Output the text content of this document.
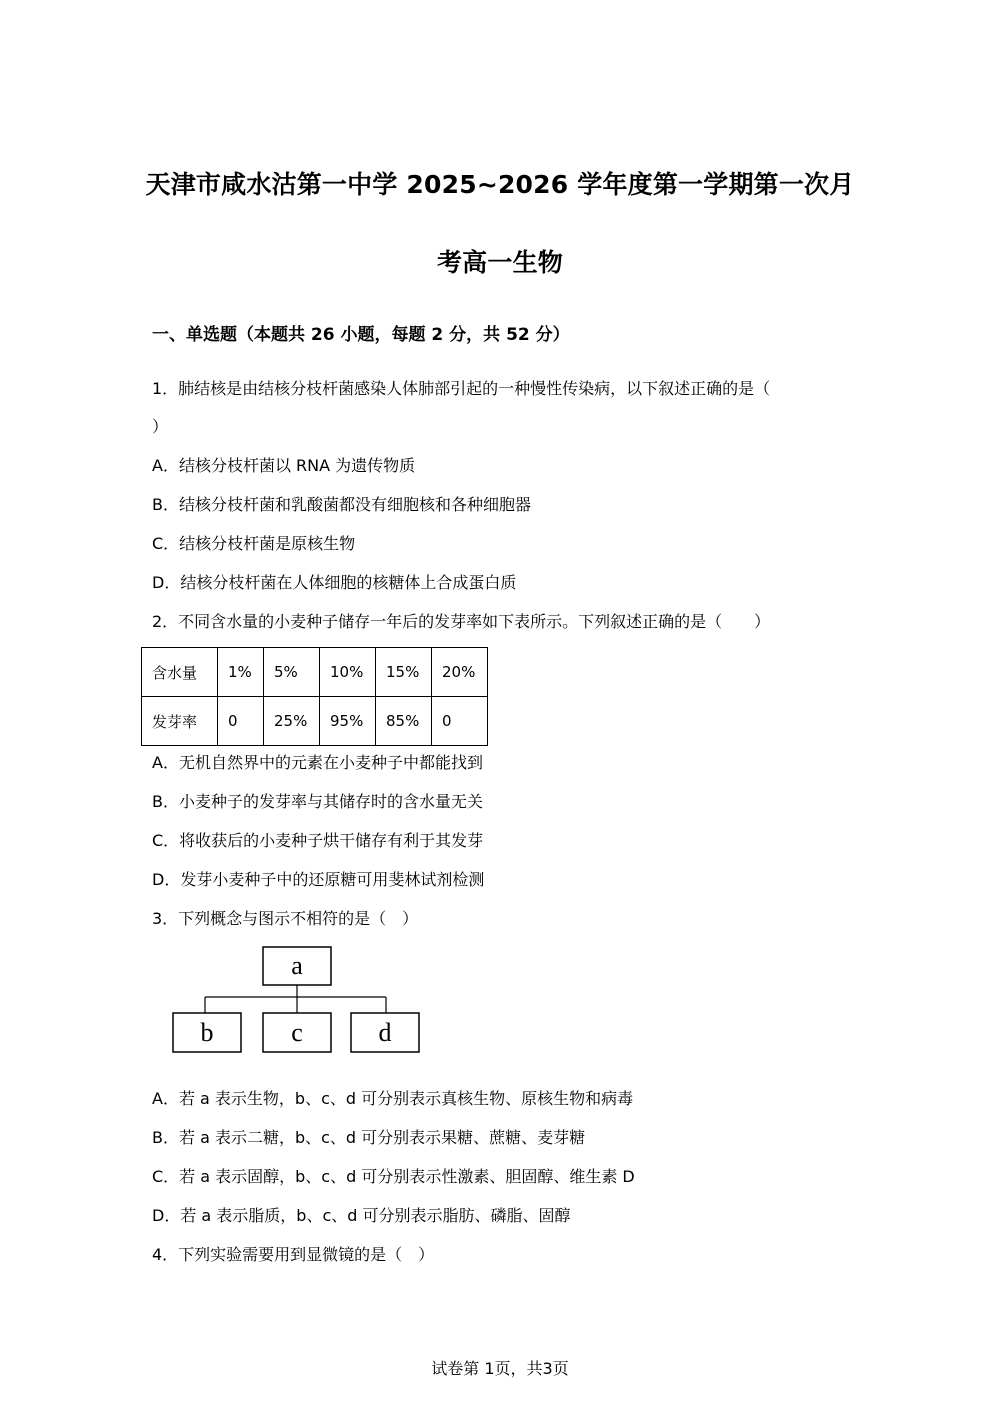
天津市咸水沽第一中学 2025~2026 学年度第一学期第一次月
考高一生物
一、单选题（本题共 26 小题，每题 2 分，共 52 分）
1．肺结核是由结核分枝杆菌感染人体肺部引起的一种慢性传染病，以下叙述正确的是（
）
A．结核分枝杆菌以 RNA 为遗传物质
B．结核分枝杆菌和乳酸菌都没有细胞核和各种细胞器
C．结核分枝杆菌是原核生物
D．结核分枝杆菌在人体细胞的核糖体上合成蛋白质
2．不同含水量的小麦种子储存一年后的发芽率如下表所示。下列叙述正确的是（　　）
含水量	1%	5%	10%	15%	20%
发芽率	0	25%	95%	85%	0
A．无机自然界中的元素在小麦种子中都能找到
B．小麦种子的发芽率与其储存时的含水量无关
C．将收获后的小麦种子烘干储存有利于其发芽
D．发芽小麦种子中的还原糖可用斐林试剂检测
3．下列概念与图示不相符的是（　）
a
b	c	d
A．若 a 表示生物，b、c、d 可分别表示真核生物、原核生物和病毒
B．若 a 表示二糖，b、c、d 可分别表示果糖、蔗糖、麦芽糖
C．若 a 表示固醇，b、c、d 可分别表示性激素、胆固醇、维生素 D
D．若 a 表示脂质，b、c、d 可分别表示脂肪、磷脂、固醇
4．下列实验需要用到显微镜的是（　）
试卷第 1页，共3页
